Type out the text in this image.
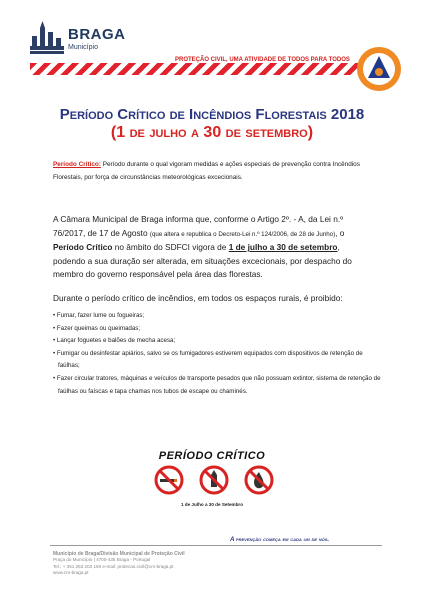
BRAGA
Município
PROTEÇÃO CIVIL, UMA ATIVIDADE DE TODOS PARA TODOS
Período Crítico de Incêndios Florestais 2018
(1 de julho a 30 de setembro)
Período Crítico: Período durante o qual vigoram medidas e ações especiais de prevenção contra Incêndios Florestais, por força de circunstâncias meteorológicas excecionais.
A Câmara Municipal de Braga informa que, conforme o Artigo 2º. - A, da Lei n.º 76/2017, de 17 de Agosto (que altera e republica o Decreto-Lei n.º 124/2006, de 28 de Junho), o Período Crítico no âmbito do SDFCI vigora de 1 de julho a 30 de setembro, podendo a sua duração ser alterada, em situações excecionais, por despacho do membro do governo responsável pela área das florestas.
Durante o período crítico de incêndios, em todos os espaços rurais, é proibido:
• Fumar, fazer lume ou fogueiras;
• Fazer queimas ou queimadas;
• Lançar foguetes e balões de mecha acesa;
• Fumigar ou desinfestar apiários, salvo se os fumigadores estiverem equipados com dispositivos de retenção de faúlhas;
• Fazer circular tratores, máquinas e veículos de transporte pesados que não possuam extintor, sistema de retenção de faúlhas ou faíscas e tapa chamas nos tubos de escape ou chaminés.
PERÍODO CRÍTICO
1 de Julho a 30 de Setembro
A prevenção começa em cada um de nós.
Município de Braga/Divisão Municipal de Proteção Civil
Praça do Município | 4700-435 Braga - Portugal
Tel.: + 351 253 203 150 e-mail: protecao.civil@cm-braga.pt
www.cm-braga.pt
